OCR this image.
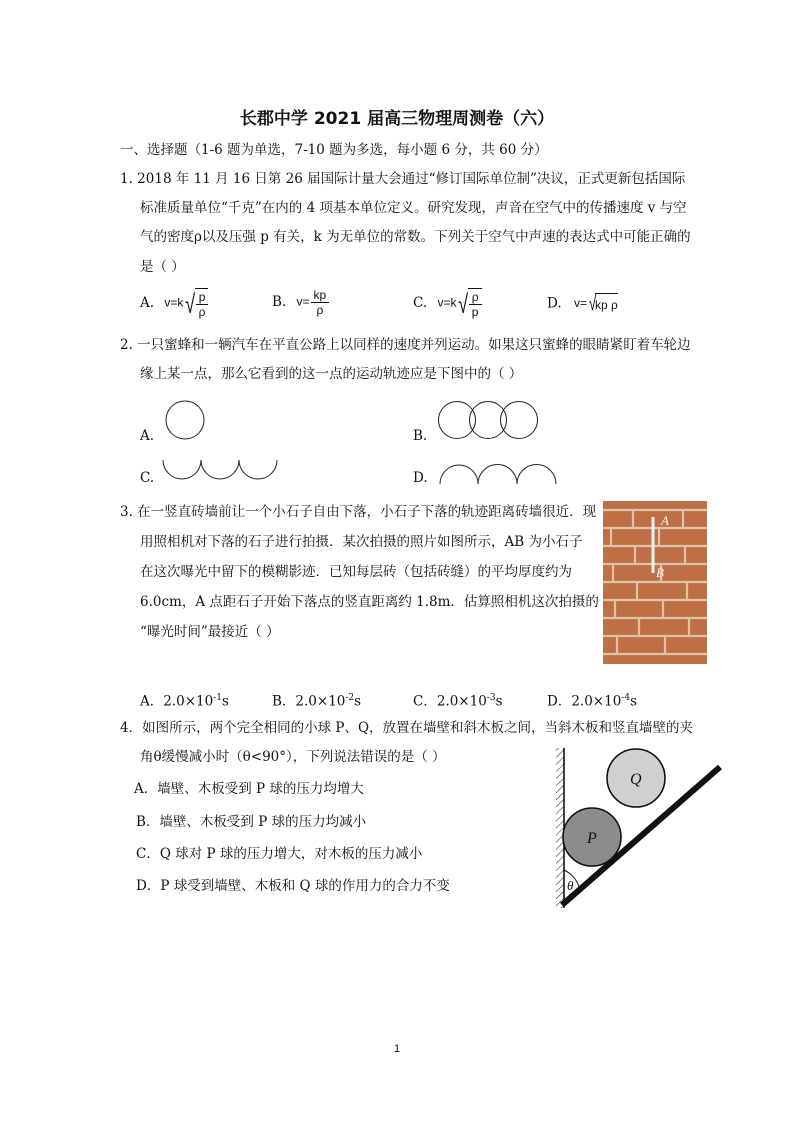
长郡中学 2021 届高三物理周测卷（六）
一、选择题（1-6 题为单选，7-10 题为多选，每小题 6 分，共 60 分）
1. 2018 年 11 月 16 日第 26 届国际计量大会通过“修订国际单位制”决议，正式更新包括国际
标准质量单位“千克”在内的 4 项基本单位定义。研究发现，声音在空气中的传播速度 v 与空
气的密度ρ以及压强 p 有关，k 为无单位的常数。下列关于空气中声速的表达式中可能正确的
是（ ）
A. $v=k√ \frac{p}{\rho}$	B. $v= \frac{kp}{\rho}$	C. $v=k√ \frac{\rho}{p}$	D. v=√kp ρ
2. 一只蜜蜂和一辆汽车在平直公路上以同样的速度并列运动。如果这只蜜蜂的眼睛紧盯着车轮边
缘上某一点，那么它看到的这一点的运动轨迹应是下图中的（ ）
A.	B.
C.	D.
3. 在一竖直砖墙前让一个小石子自由下落，小石子下落的轨迹距离砖墙很近．现
用照相机对下落的石子进行拍摄．某次拍摄的照片如图所示，AB 为小石子
在这次曝光中留下的模糊影迹．已知每层砖（包括砖缝）的平均厚度约为
6.0cm，A 点距石子开始下落点的竖直距离约 1.8m．估算照相机这次拍摄的
“曝光时间”最接近（ ）
A
B
A．$2.0\times 10^{-1}s$	B．$2.0\times 10^{-2}s$	C．$2.0\times 10^{-3}s$	D．$2.0\times 10^{-4}s$
4．如图所示，两个完全相同的小球 P、Q，放置在墙壁和斜木板之间，当斜木板和竖直墙壁的夹
角θ缓慢减小时（θ<90°），下列说法错误的是（ ）
A．墙壁、木板受到 P 球的压力均增大
B．墙壁、木板受到 P 球的压力均减小
C．Q 球对 P 球的压力增大，对木板的压力减小
D．P 球受到墙壁、木板和 Q 球的作用力的合力不变
P
Q
θ
1
